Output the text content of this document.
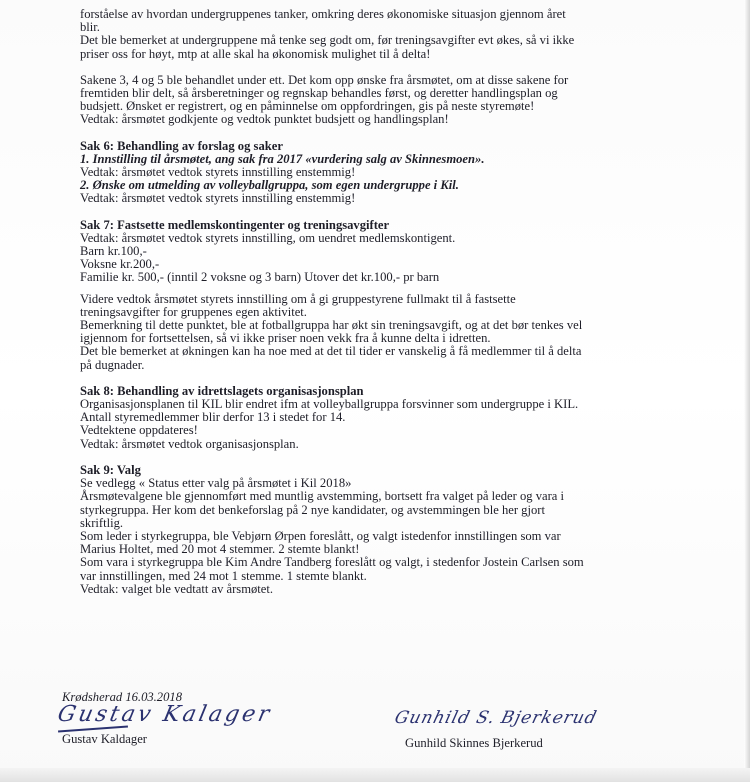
forståelse av hvordan undergruppenes tanker, omkring deres økonomiske situasjon gjennom året
blir.
Det ble bemerket at undergruppene må tenke seg godt om, før treningsavgifter evt økes, så vi ikke
priser oss for høyt, mtp at alle skal ha økonomisk mulighet til å delta!
Sakene 3, 4 og 5 ble behandlet under ett. Det kom opp ønske fra årsmøtet, om at disse sakene for
fremtiden blir delt, så årsberetninger og regnskap behandles først, og deretter handlingsplan og
budsjett. Ønsket er registrert, og en påminnelse om oppfordringen, gis på neste styremøte!
Vedtak: årsmøtet godkjente og vedtok punktet budsjett og handlingsplan!
Sak 6: Behandling av forslag og saker
1. Innstilling til årsmøtet, ang sak fra 2017 «vurdering salg av Skinnesmoen».
Vedtak: årsmøtet vedtok styrets innstilling enstemmig!
2. Ønske om utmelding av volleyballgruppa, som egen undergruppe i Kil.
Vedtak: årsmøtet vedtok styrets innstilling enstemmig!
Sak 7: Fastsette medlemskontingenter og treningsavgifter
Vedtak: årsmøtet vedtok styrets innstilling, om uendret medlemskontigent.
Barn kr.100,-
Voksne kr.200,-
Familie kr. 500,- (inntil 2 voksne og 3 barn) Utover det kr.100,- pr barn
Videre vedtok årsmøtet styrets innstilling om å gi gruppestyrene fullmakt til å fastsette
treningsavgifter for gruppenes egen aktivitet.
Bemerkning til dette punktet, ble at fotballgruppa har økt sin treningsavgift, og at det bør tenkes vel
igjennom for fortsettelsen, så vi ikke priser noen vekk fra å kunne delta i idretten.
Det ble bemerket at økningen kan ha noe med at det til tider er vanskelig å få medlemmer til å delta
på dugnader.
Sak 8: Behandling av idrettslagets organisasjonsplan
Organisasjonsplanen til KIL blir endret ifm at volleyballgruppa forsvinner som undergruppe i KIL.
Antall styremedlemmer blir derfor 13 i stedet for 14.
Vedtektene oppdateres!
Vedtak: årsmøtet vedtok organisasjonsplan.
Sak 9: Valg
Se vedlegg « Status etter valg på årsmøtet i Kil 2018»
Årsmøtevalgene ble gjennomført med muntlig avstemming, bortsett fra valget på leder og vara i
styrkegruppa. Her kom det benkeforslag på 2 nye kandidater, og avstemmingen ble her gjort
skriftlig.
Som leder i styrkegruppa, ble Vebjørn Ørpen foreslått, og valgt istedenfor innstillingen som var
Marius Holtet, med 20 mot 4 stemmer. 2 stemte blankt!
Som vara i styrkegruppa ble Kim Andre Tandberg foreslått og valgt, i stedenfor Jostein Carlsen som
var innstillingen, med 24 mot 1 stemme. 1 stemte blankt.
Vedtak: valget ble vedtatt av årsmøtet.
Krødsherad 16.03.2018
Gustav Kalager
Gustav Kaldager
Gunhild S. Bjerkerud
Gunhild Skinnes Bjerkerud
